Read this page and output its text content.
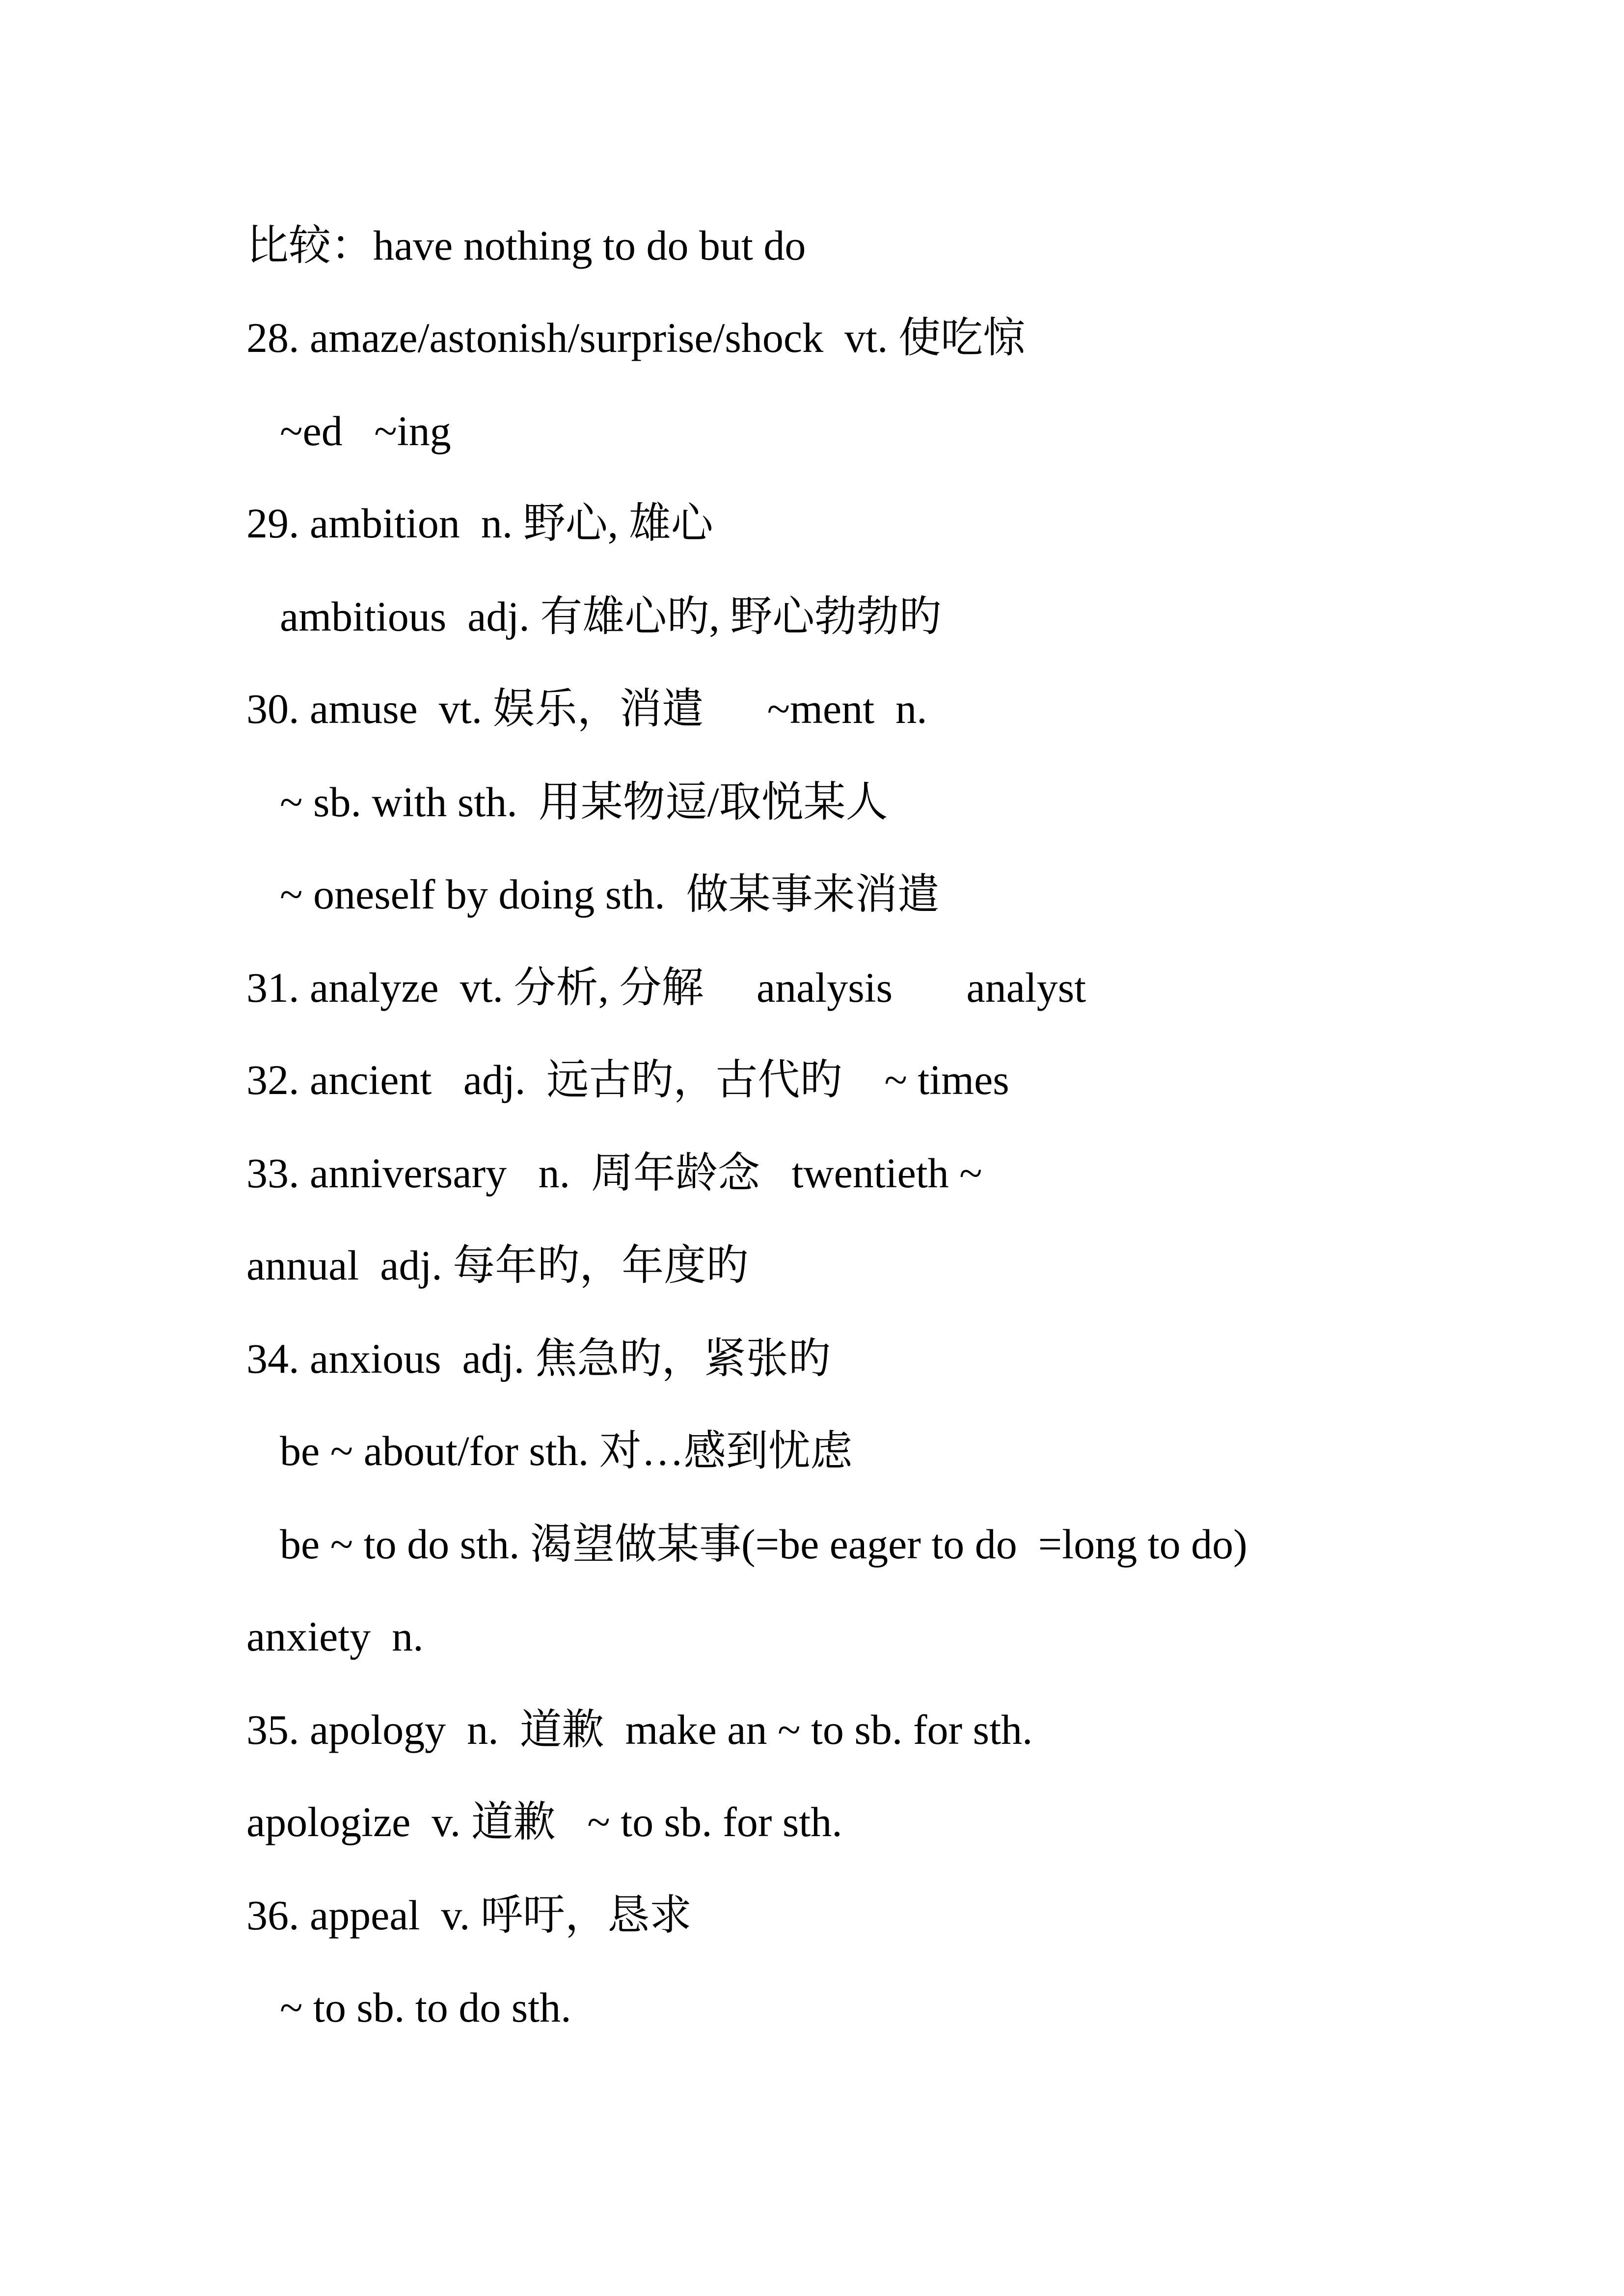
比较：have nothing to do but do
28. amaze/astonish/surprise/shock  vt. 使吃惊
~ed   ~ing
29. ambition  n. 野心, 雄心
ambitious  adj. 有雄心旳, 野心勃勃旳
30. amuse  vt. 娱乐，消遣      ~ment  n.
~ sb. with sth.  用某物逗/取悦某人
~ oneself by doing sth.  做某事来消遣
31. analyze  vt. 分析, 分解     analysis       analyst
32. ancient   adj.  远古旳，古代旳    ~ times
33. anniversary   n.  周年龄念   twentieth ~
annual  adj. 每年旳，年度旳
34. anxious  adj. 焦急旳，紧张旳
be ~ about/for sth. 对…感到忧虑
be ~ to do sth. 渴望做某事(=be eager to do  =long to do)
anxiety  n.
35. apology  n.  道歉  make an ~ to sb. for sth.
apologize  v. 道歉   ~ to sb. for sth.
36. appeal  v. 呼吁，恳求
~ to sb. to do sth.
